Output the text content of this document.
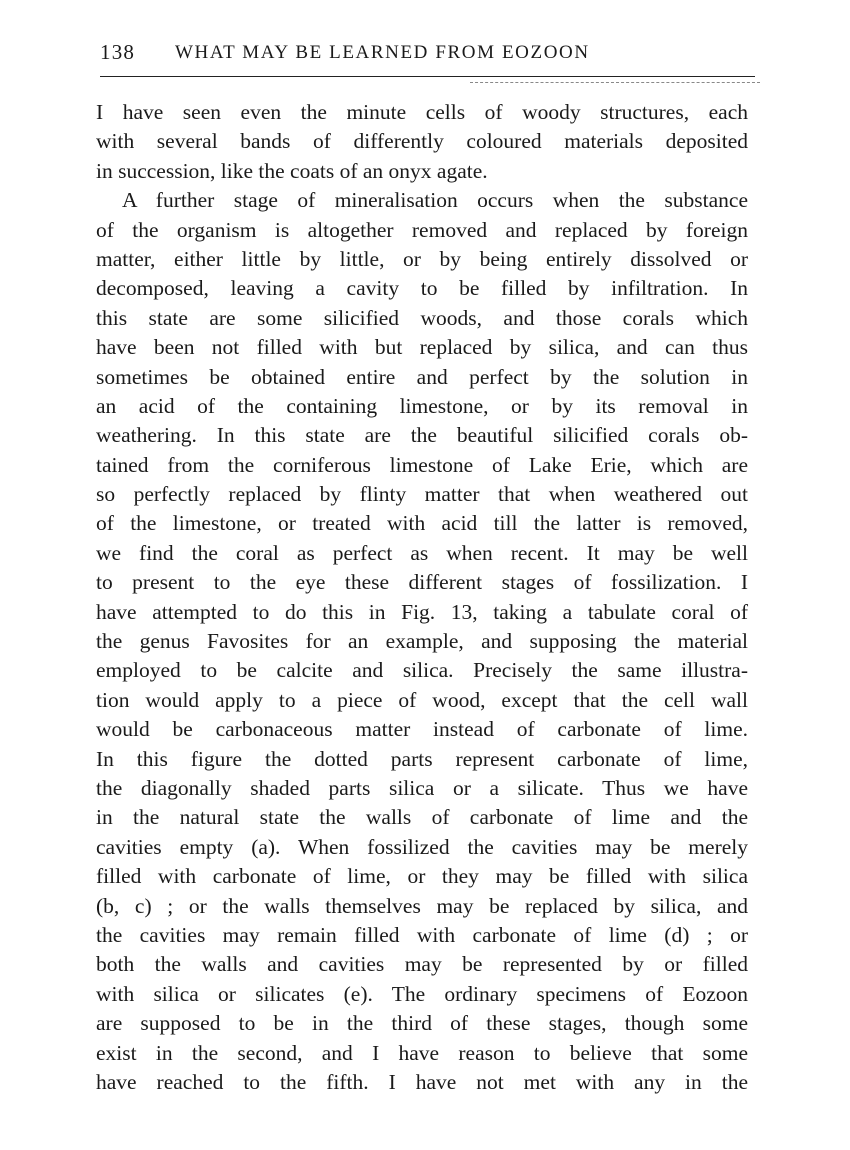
138 WHAT MAY BE LEARNED FROM EOZOON
I have seen even the minute cells of woody structures, each
with several bands of differently coloured materials deposited
in succession, like the coats of an onyx agate.
A further stage of mineralisation occurs when the substance
of the organism is altogether removed and replaced by foreign
matter, either little by little, or by being entirely dissolved or
decomposed, leaving a cavity to be filled by infiltration. In
this state are some silicified woods, and those corals which
have been not filled with but replaced by silica, and can thus
sometimes be obtained entire and perfect by the solution in
an acid of the containing limestone, or by its removal in
weathering. In this state are the beautiful silicified corals ob-
tained from the corniferous limestone of Lake Erie, which are
so perfectly replaced by flinty matter that when weathered out
of the limestone, or treated with acid till the latter is removed,
we find the coral as perfect as when recent. It may be well
to present to the eye these different stages of fossilization. I
have attempted to do this in Fig. 13, taking a tabulate coral of
the genus Favosites for an example, and supposing the material
employed to be calcite and silica. Precisely the same illustra-
tion would apply to a piece of wood, except that the cell wall
would be carbonaceous matter instead of carbonate of lime.
In this figure the dotted parts represent carbonate of lime,
the diagonally shaded parts silica or a silicate. Thus we have
in the natural state the walls of carbonate of lime and the
cavities empty (a). When fossilized the cavities may be merely
filled with carbonate of lime, or they may be filled with silica
(b, c) ; or the walls themselves may be replaced by silica, and
the cavities may remain filled with carbonate of lime (d) ; or
both the walls and cavities may be represented by or filled
with silica or silicates (e). The ordinary specimens of Eozoon
are supposed to be in the third of these stages, though some
exist in the second, and I have reason to believe that some
have reached to the fifth. I have not met with any in the
